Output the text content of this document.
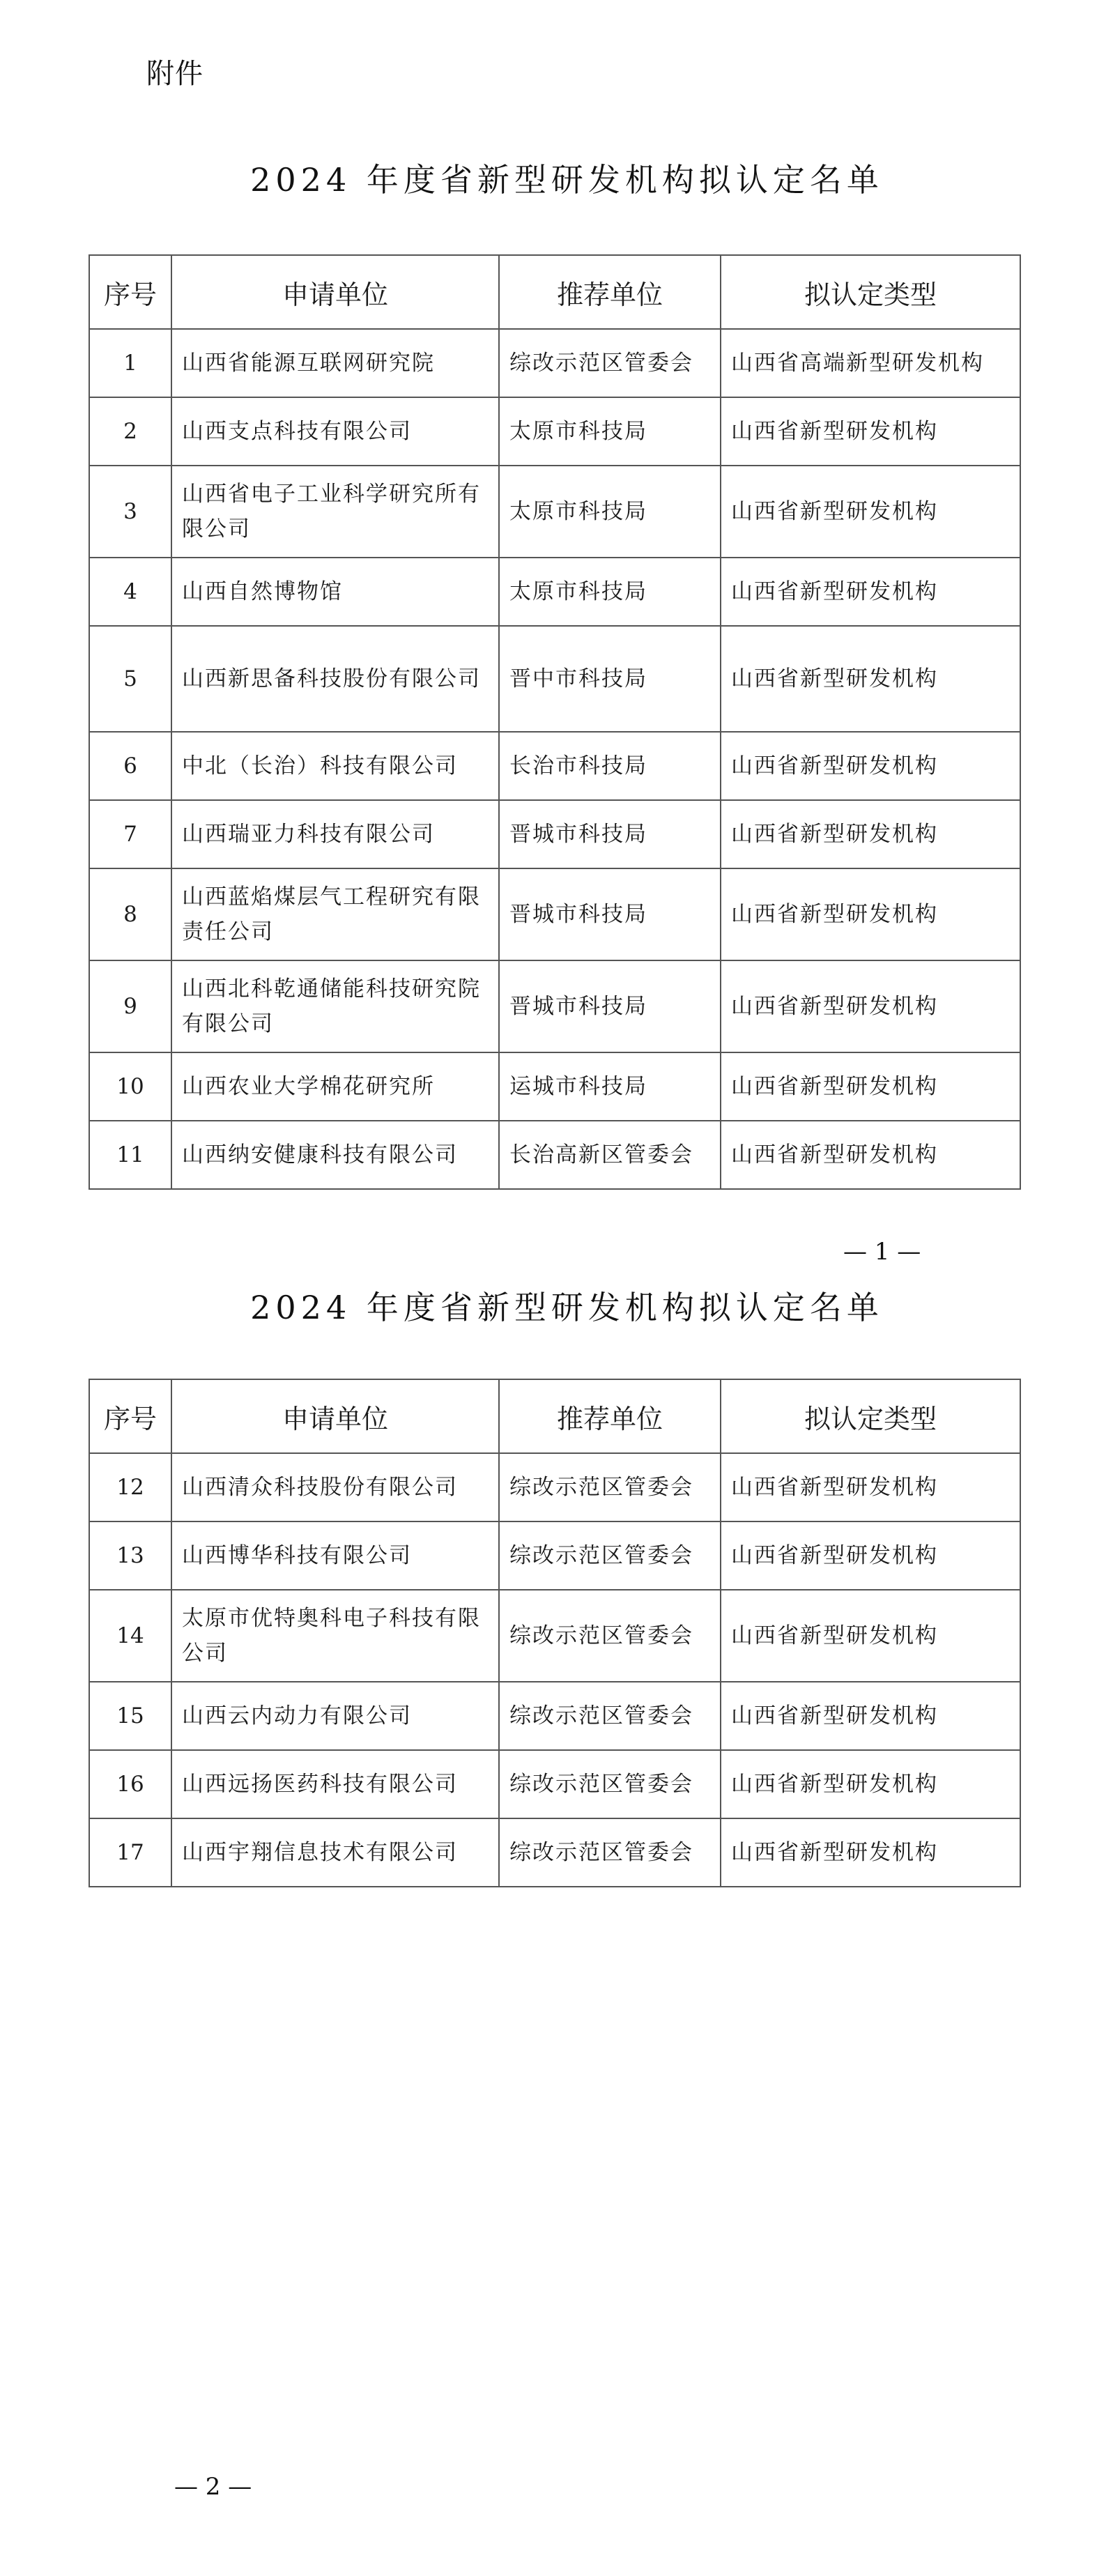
附件
2024 年度省新型研发机构拟认定名单
序号	申请单位	推荐单位	拟认定类型
1	山西省能源互联网研究院	综改示范区管委会	山西省高端新型研发机构
2	山西支点科技有限公司	太原市科技局	山西省新型研发机构
3	山西省电子工业科学研究所有限公司	太原市科技局	山西省新型研发机构
4	山西自然博物馆	太原市科技局	山西省新型研发机构
5	山西新思备科技股份有限公司	晋中市科技局	山西省新型研发机构
6	中北（长治）科技有限公司	长治市科技局	山西省新型研发机构
7	山西瑞亚力科技有限公司	晋城市科技局	山西省新型研发机构
8	山西蓝焰煤层气工程研究有限责任公司	晋城市科技局	山西省新型研发机构
9	山西北科乾通储能科技研究院有限公司	晋城市科技局	山西省新型研发机构
10	山西农业大学棉花研究所	运城市科技局	山西省新型研发机构
11	山西纳安健康科技有限公司	长治高新区管委会	山西省新型研发机构
— 1 —
2024 年度省新型研发机构拟认定名单
序号	申请单位	推荐单位	拟认定类型
12	山西清众科技股份有限公司	综改示范区管委会	山西省新型研发机构
13	山西博华科技有限公司	综改示范区管委会	山西省新型研发机构
14	太原市优特奥科电子科技有限公司	综改示范区管委会	山西省新型研发机构
15	山西云内动力有限公司	综改示范区管委会	山西省新型研发机构
16	山西远扬医药科技有限公司	综改示范区管委会	山西省新型研发机构
17	山西宇翔信息技术有限公司	综改示范区管委会	山西省新型研发机构
— 2 —
